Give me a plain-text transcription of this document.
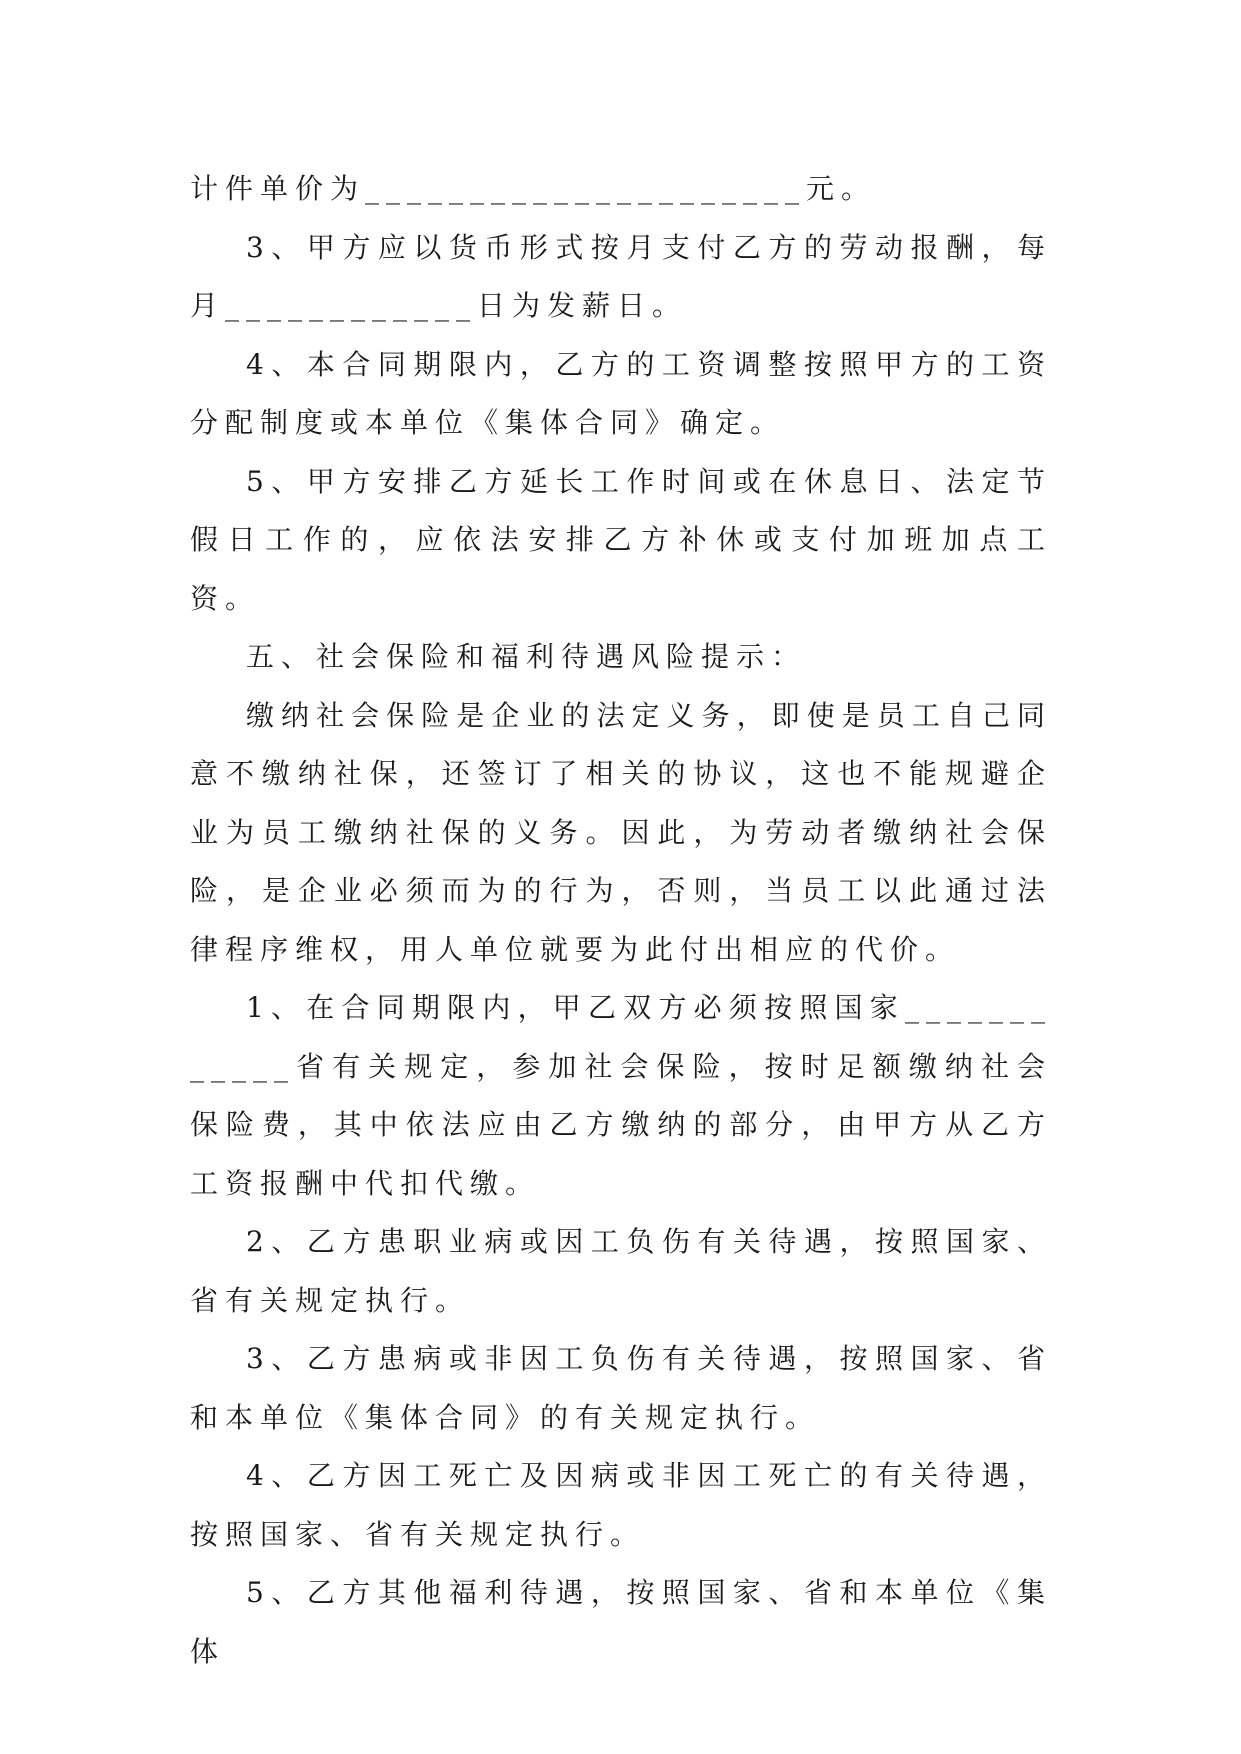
计件单价为_____________________元。

3、甲方应以货币形式按月支付乙方的劳动报酬，每月____________日为发薪日。

4、本合同期限内，乙方的工资调整按照甲方的工资分配制度或本单位《集体合同》确定。

5、甲方安排乙方延长工作时间或在休息日、法定节假日工作的，应依法安排乙方补休或支付加班加点工资。

五、社会保险和福利待遇风险提示：

缴纳社会保险是企业的法定义务，即使是员工自己同意不缴纳社保，还签订了相关的协议，这也不能规避企业为员工缴纳社保的义务。因此，为劳动者缴纳社会保险，是企业必须而为的行为，否则，当员工以此通过法律程序维权，用人单位就要为此付出相应的代价。

1、在合同期限内，甲乙双方必须按照国家____________省有关规定，参加社会保险，按时足额缴纳社会保险费，其中依法应由乙方缴纳的部分，由甲方从乙方工资报酬中代扣代缴。

2、乙方患职业病或因工负伤有关待遇，按照国家、省有关规定执行。

3、乙方患病或非因工负伤有关待遇，按照国家、省和本单位《集体合同》的有关规定执行。

4、乙方因工死亡及因病或非因工死亡的有关待遇，按照国家、省有关规定执行。

5、乙方其他福利待遇，按照国家、省和本单位《集体
